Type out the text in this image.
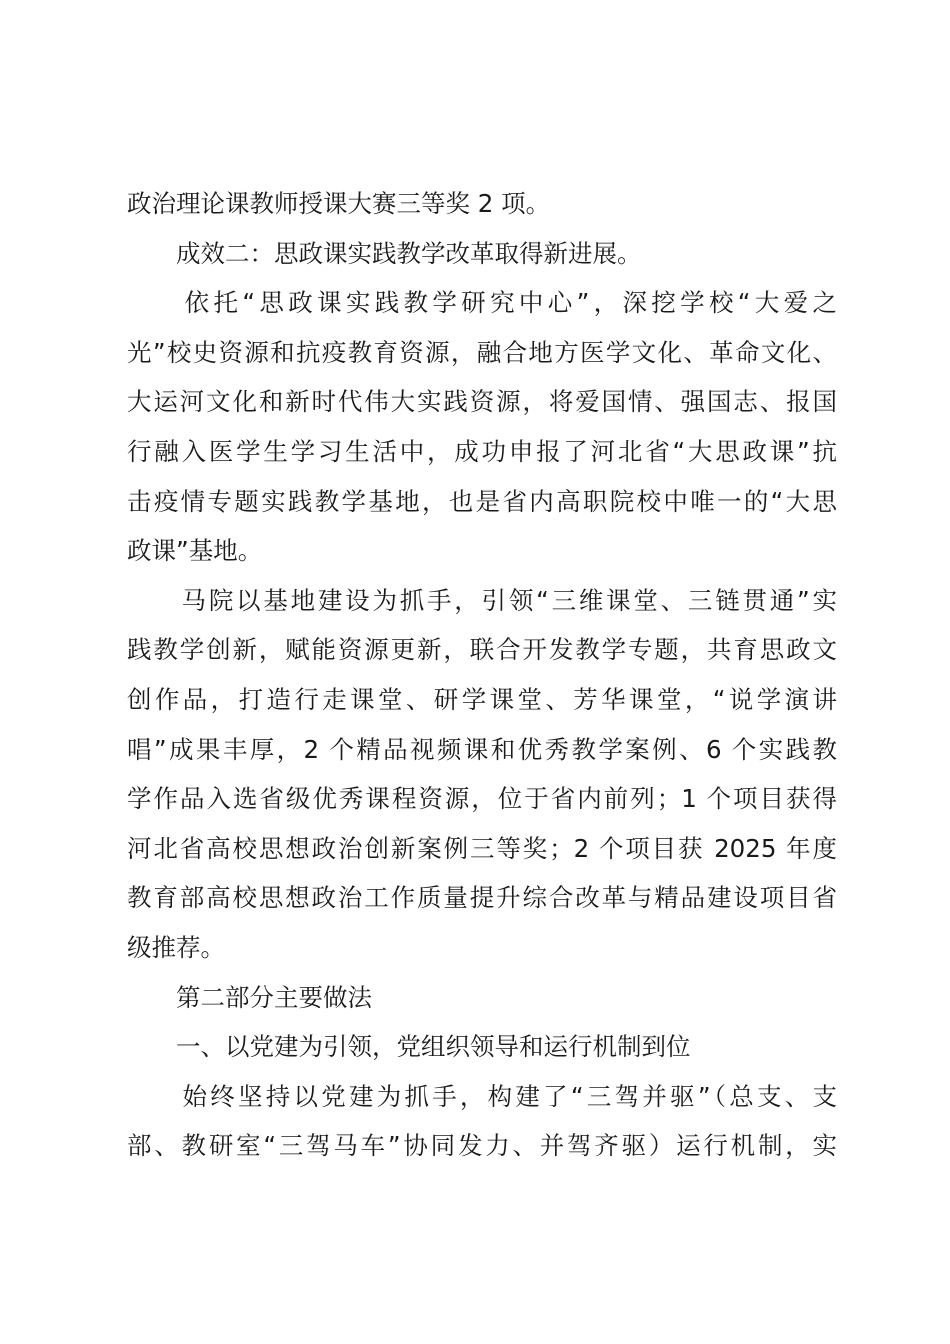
政治理论课教师授课大赛三等奖 2 项。
　　成效二：思政课实践教学改革取得新进展。
　　依托“思政课实践教学研究中心”，深挖学校“大爱之
光”校史资源和抗疫教育资源，融合地方医学文化、革命文化、
大运河文化和新时代伟大实践资源，将爱国情、强国志、报国
行融入医学生学习生活中，成功申报了河北省“大思政课”抗
击疫情专题实践教学基地，也是省内高职院校中唯一的“大思
政课”基地。
　　马院以基地建设为抓手，引领“三维课堂、三链贯通”实
践教学创新，赋能资源更新，联合开发教学专题，共育思政文
创作品，打造行走课堂、研学课堂、芳华课堂，“说学演讲
唱”成果丰厚，2 个精品视频课和优秀教学案例、6 个实践教
学作品入选省级优秀课程资源，位于省内前列；1 个项目获得
河北省高校思想政治创新案例三等奖；2 个项目获 2025 年度
教育部高校思想政治工作质量提升综合改革与精品建设项目省
级推荐。
　　第二部分主要做法
　　一、以党建为引领，党组织领导和运行机制到位
　　始终坚持以党建为抓手，构建了“三驾并驱”（总支、支
部、教研室“三驾马车”协同发力、并驾齐驱）运行机制，实
